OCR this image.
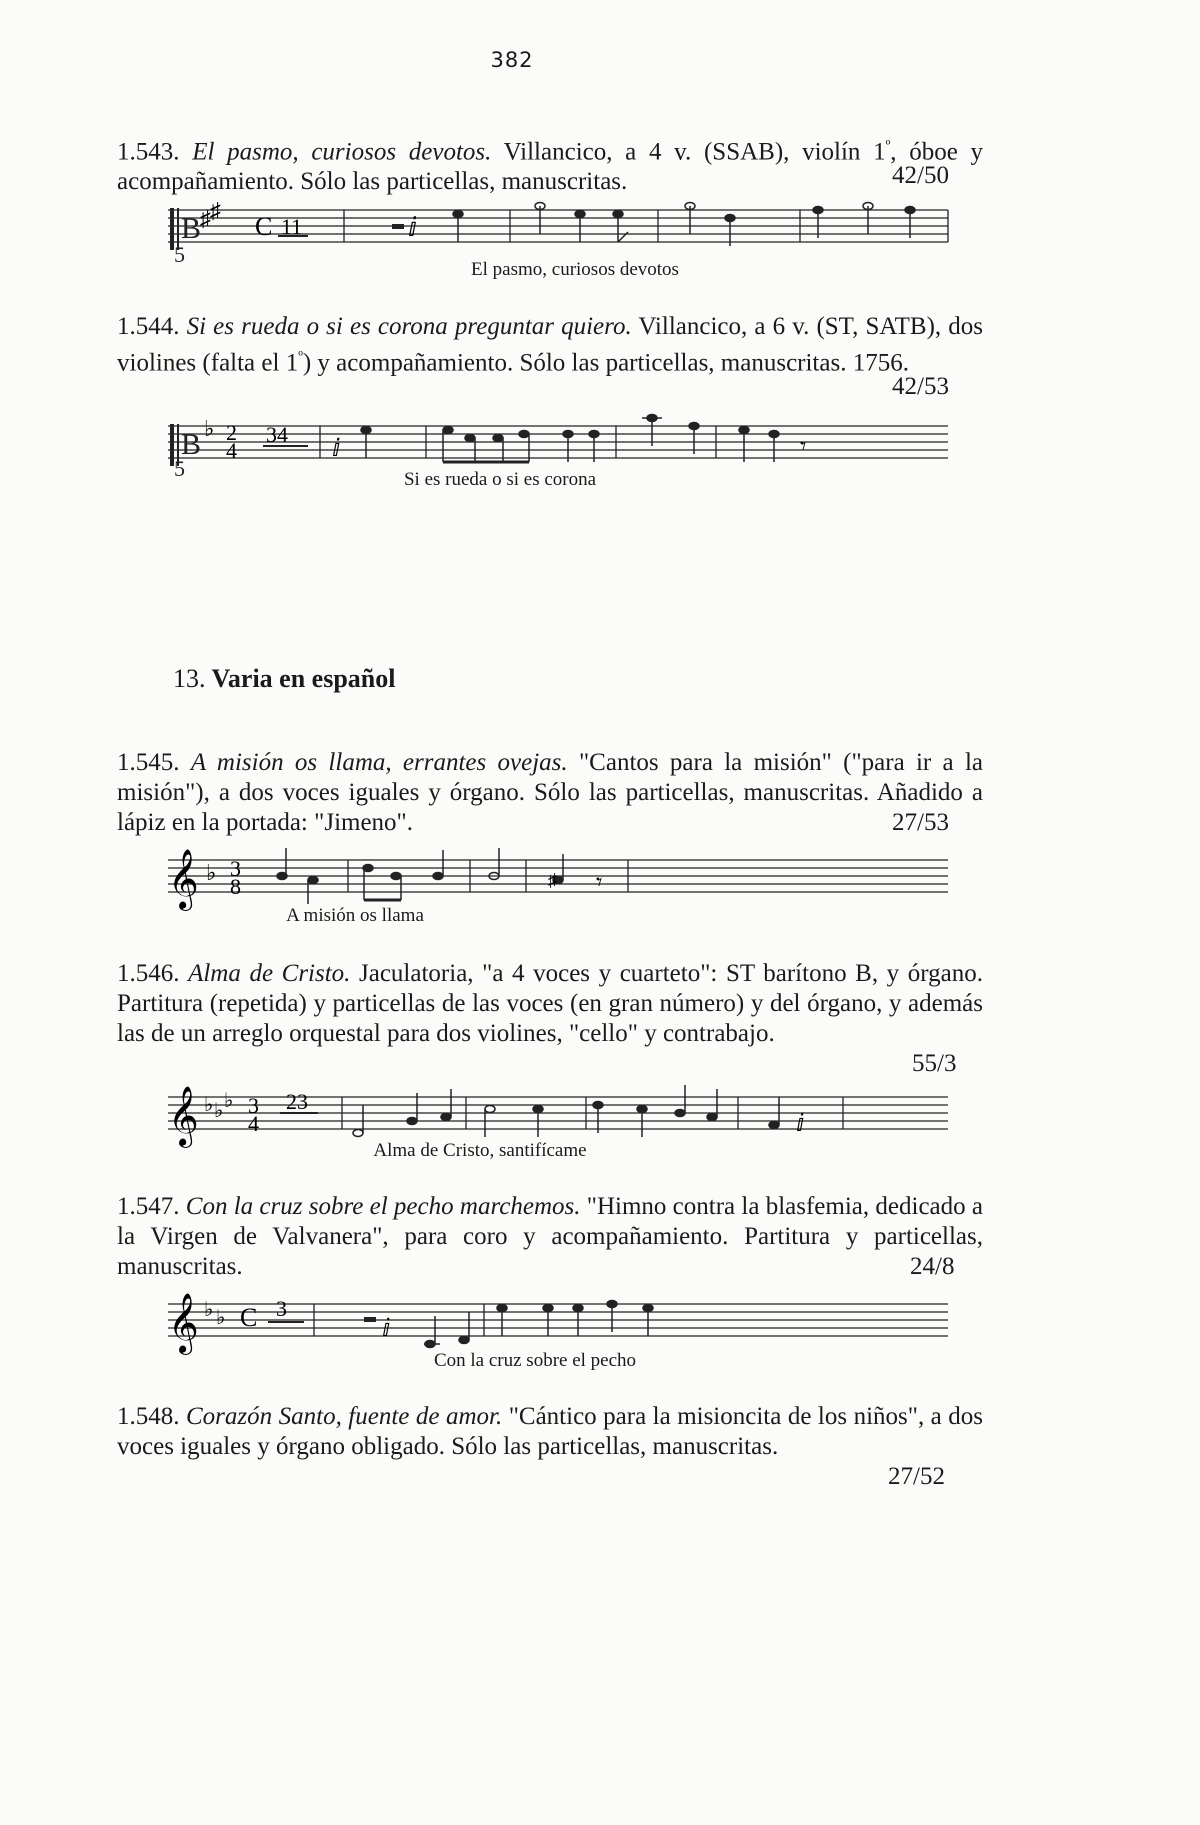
382
1.543. El pasmo, curiosos devotos. Villancico, a 4 v. (SSAB), violín $1^º$, óboe y acompañamiento. Sólo las particellas, manuscritas.	42/50
B
5
♯ ♯
C 11	ⅈ
El pasmo, curiosos devotos
1.544. Si es rueda o si es corona preguntar quiero. Villancico, a 6 v. (ST, SATB), dos violines (falta el $1^º$) y acompañamiento. Sólo las particellas, manuscritas. 1756.
42/53
B
5
♭ 2
4
34
ⅈ	𝄾
Si es rueda o si es corona
13. Varia en español
1.545. A misión os llama, errantes ovejas. "Cantos para la misión" ("para ir a la misión"), a dos voces iguales y órgano. Sólo las particellas, manuscritas. Añadido a lápiz en la portada: "Jimeno".	27/53
𝄞 ♭ 3
8	♯ 𝄾
A misión os llama
1.546. Alma de Cristo. Jaculatoria, "a 4 voces y cuarteto": ST barítono B, y órgano. Partitura (repetida) y particellas de las voces (en gran número) y del órgano, y además las de un arreglo orquestal para dos violines, "cello" y contrabajo.
55/3
𝄞 ♭ ♭ ♭ 3
4
23
ⅈ
Alma de Cristo, santifícame
1.547. Con la cruz sobre el pecho marchemos. "Himno contra la blasfemia, dedicado a la Virgen de Valvanera", para coro y acompañamiento. Partitura y particellas, manuscritas.	24/8
𝄞 ♭ ♭ C 3
ⅈ
Con la cruz sobre el pecho
1.548. Corazón Santo, fuente de amor. "Cántico para la misioncita de los niños", a dos voces iguales y órgano obligado. Sólo las particellas, manuscritas.
27/52
